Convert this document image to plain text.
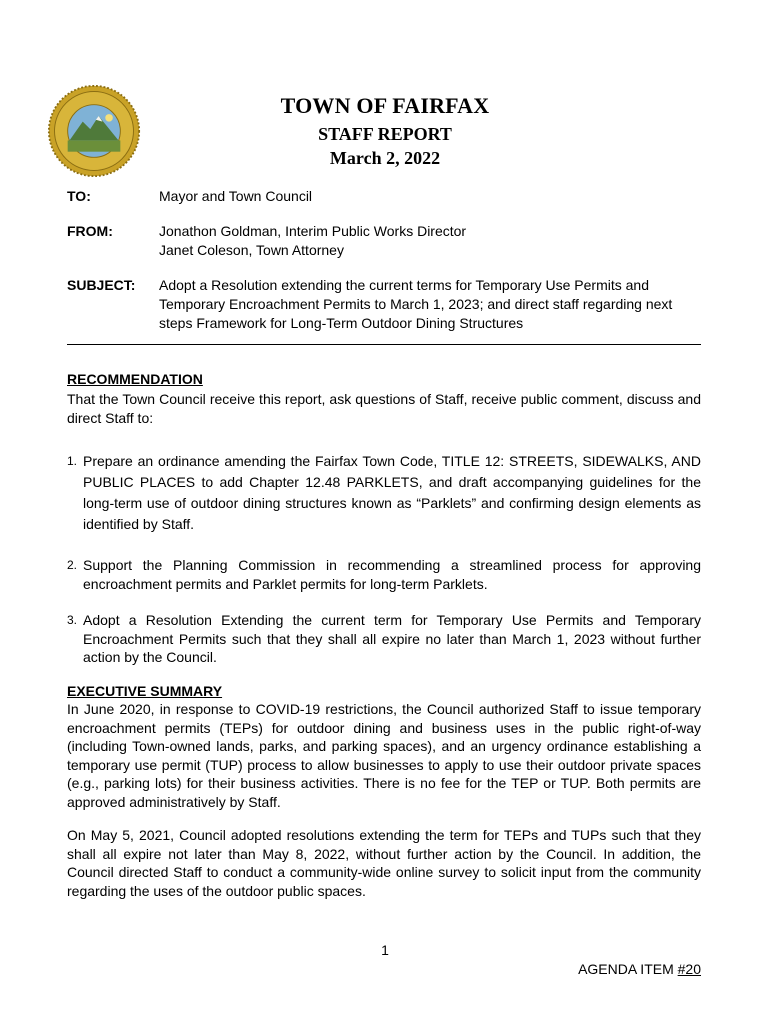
TOWN OF FAIRFAX
STAFF REPORT
March 2, 2022
TO:	Mayor and Town Council
FROM:	Jonathon Goldman, Interim Public Works Director
Janet Coleson, Town Attorney
SUBJECT: Adopt a Resolution extending the current terms for Temporary Use Permits and Temporary Encroachment Permits to March 1, 2023; and direct staff regarding next steps Framework for Long-Term Outdoor Dining Structures
RECOMMENDATION
That the Town Council receive this report, ask questions of Staff, receive public comment, discuss and direct Staff to:
1. Prepare an ordinance amending the Fairfax Town Code, TITLE 12: STREETS, SIDEWALKS, AND PUBLIC PLACES to add Chapter 12.48 PARKLETS, and draft accompanying guidelines for the long-term use of outdoor dining structures known as “Parklets” and confirming design elements as identified by Staff.
2. Support the Planning Commission in recommending a streamlined process for approving encroachment permits and Parklet permits for long-term Parklets.
3. Adopt a Resolution Extending the current term for Temporary Use Permits and Temporary Encroachment Permits such that they shall all expire no later than March 1, 2023 without further action by the Council.
EXECUTIVE SUMMARY
In June 2020, in response to COVID-19 restrictions, the Council authorized Staff to issue temporary encroachment permits (TEPs) for outdoor dining and business uses in the public right-of-way (including Town-owned lands, parks, and parking spaces), and an urgency ordinance establishing a temporary use permit (TUP) process to allow businesses to apply to use their outdoor private spaces (e.g., parking lots) for their business activities. There is no fee for the TEP or TUP. Both permits are approved administratively by Staff.
On May 5, 2021, Council adopted resolutions extending the term for TEPs and TUPs such that they shall all expire not later than May 8, 2022, without further action by the Council. In addition, the Council directed Staff to conduct a community-wide online survey to solicit input from the community regarding the uses of the outdoor public spaces.
1
AGENDA ITEM #20
